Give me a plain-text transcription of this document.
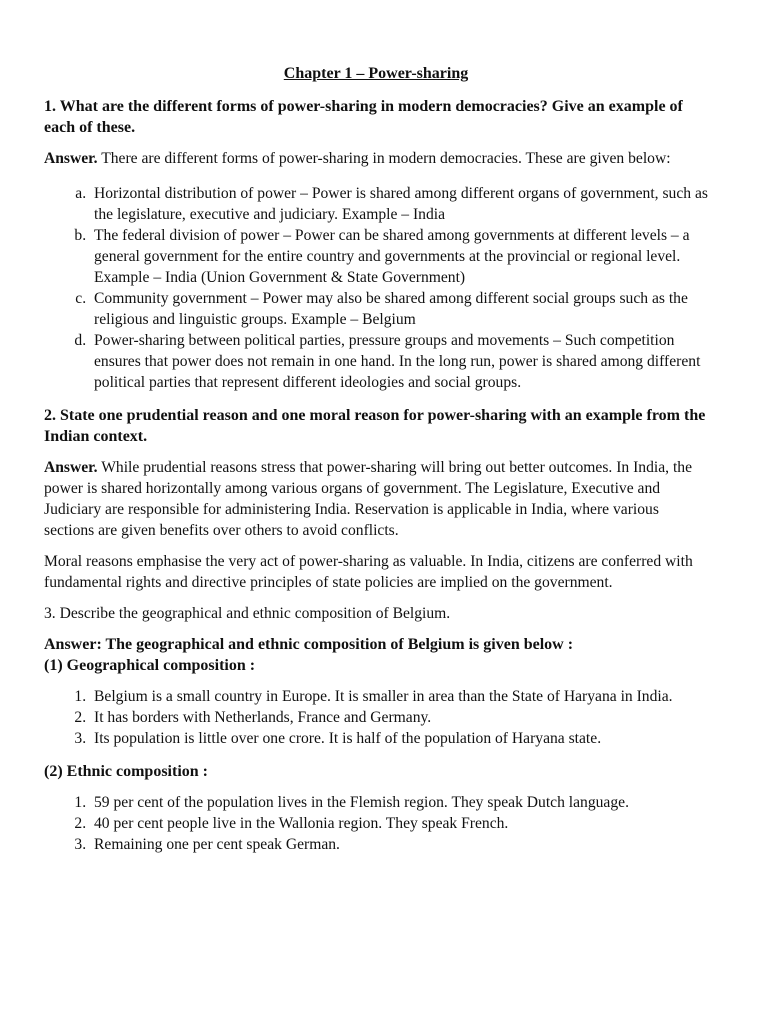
Chapter 1 – Power-sharing
1. What are the different forms of power-sharing in modern democracies? Give an example of each of these.

Answer. There are different forms of power-sharing in modern democracies. These are given below:

a. Horizontal distribution of power – Power is shared among different organs of government, such as the legislature, executive and judiciary. Example – India
b. The federal division of power – Power can be shared among governments at different levels – a general government for the entire country and governments at the provincial or regional level. Example – India (Union Government & State Government)
c. Community government – Power may also be shared among different social groups such as the religious and linguistic groups. Example – Belgium
d. Power-sharing between political parties, pressure groups and movements – Such competition ensures that power does not remain in one hand. In the long run, power is shared among different political parties that represent different ideologies and social groups.
2. State one prudential reason and one moral reason for power-sharing with an example from the Indian context.

Answer. While prudential reasons stress that power-sharing will bring out better outcomes. In India, the power is shared horizontally among various organs of government. The Legislature, Executive and Judiciary are responsible for administering India. Reservation is applicable in India, where various sections are given benefits over others to avoid conflicts.

Moral reasons emphasise the very act of power-sharing as valuable. In India, citizens are conferred with fundamental rights and directive principles of state policies are implied on the government.

3. Describe the geographical and ethnic composition of Belgium.

Answer: The geographical and ethnic composition of Belgium is given below :
(1) Geographical composition :
1. Belgium is a small country in Europe. It is smaller in area than the State of Haryana in India.
2. It has borders with Netherlands, France and Germany.
3. Its population is little over one crore. It is half of the population of Haryana state.
(2) Ethnic composition :
1. 59 per cent of the population lives in the Flemish region. They speak Dutch language.
2. 40 per cent people live in the Wallonia region. They speak French.
3. Remaining one per cent speak German.
